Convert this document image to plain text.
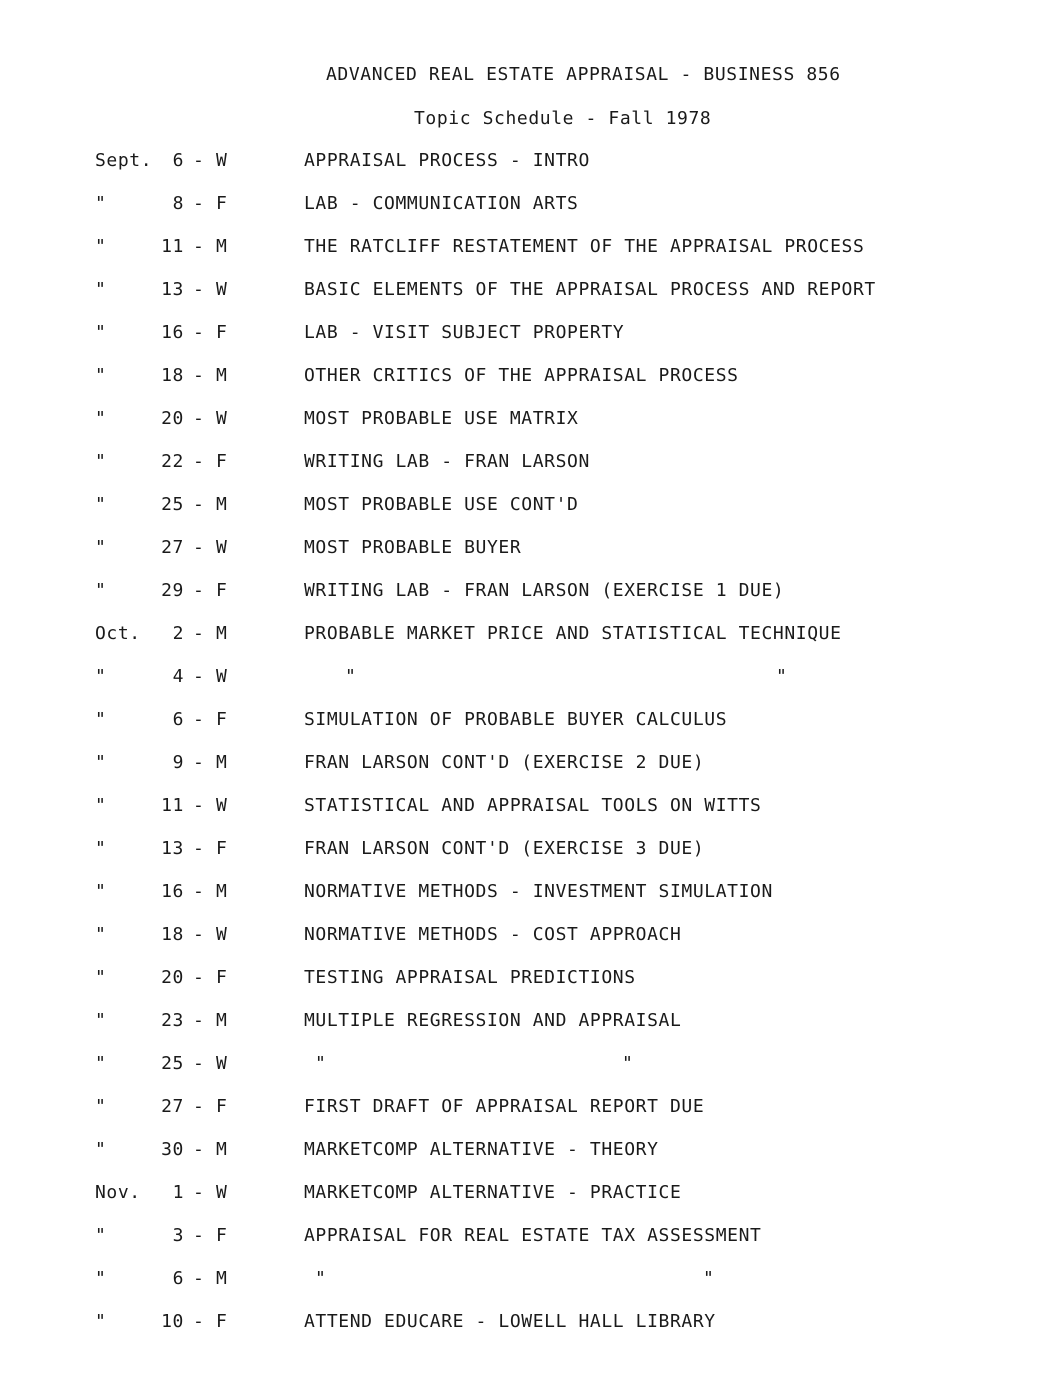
ADVANCED REAL ESTATE APPRAISAL - BUSINESS 856
Topic Schedule - Fall 1978
Sept.	6 - W	APPRAISAL PROCESS - INTRO
"	8 - F	LAB - COMMUNICATION ARTS
"	11 - M	THE RATCLIFF RESTATEMENT OF THE APPRAISAL PROCESS
"	13 - W	BASIC ELEMENTS OF THE APPRAISAL PROCESS AND REPORT
"	16 - F	LAB - VISIT SUBJECT PROPERTY
"	18 - M	OTHER CRITICS OF THE APPRAISAL PROCESS
"	20 - W	MOST PROBABLE USE MATRIX
"	22 - F	WRITING LAB - FRAN LARSON
"	25 - M	MOST PROBABLE USE CONT'D
"	27 - W	MOST PROBABLE BUYER
"	29 - F	WRITING LAB - FRAN LARSON (EXERCISE 1 DUE)
Oct.	2 - M	PROBABLE MARKET PRICE AND STATISTICAL TECHNIQUE
"	4 - W	"	"
"	6 - F	SIMULATION OF PROBABLE BUYER CALCULUS
"	9 - M	FRAN LARSON CONT'D (EXERCISE 2 DUE)
"	11 - W	STATISTICAL AND APPRAISAL TOOLS ON WITTS
"	13 - F	FRAN LARSON CONT'D (EXERCISE 3 DUE)
"	16 - M	NORMATIVE METHODS - INVESTMENT SIMULATION
"	18 - W	NORMATIVE METHODS - COST APPROACH
"	20 - F	TESTING APPRAISAL PREDICTIONS
"	23 - M	MULTIPLE REGRESSION AND APPRAISAL
"	25 - W	"	"
"	27 - F	FIRST DRAFT OF APPRAISAL REPORT DUE
"	30 - M	MARKETCOMP ALTERNATIVE - THEORY
Nov.	1 - W	MARKETCOMP ALTERNATIVE - PRACTICE
"	3 - F	APPRAISAL FOR REAL ESTATE TAX ASSESSMENT
"	6 - M	"	"
"	10 - F	ATTEND EDUCARE - LOWELL HALL LIBRARY
